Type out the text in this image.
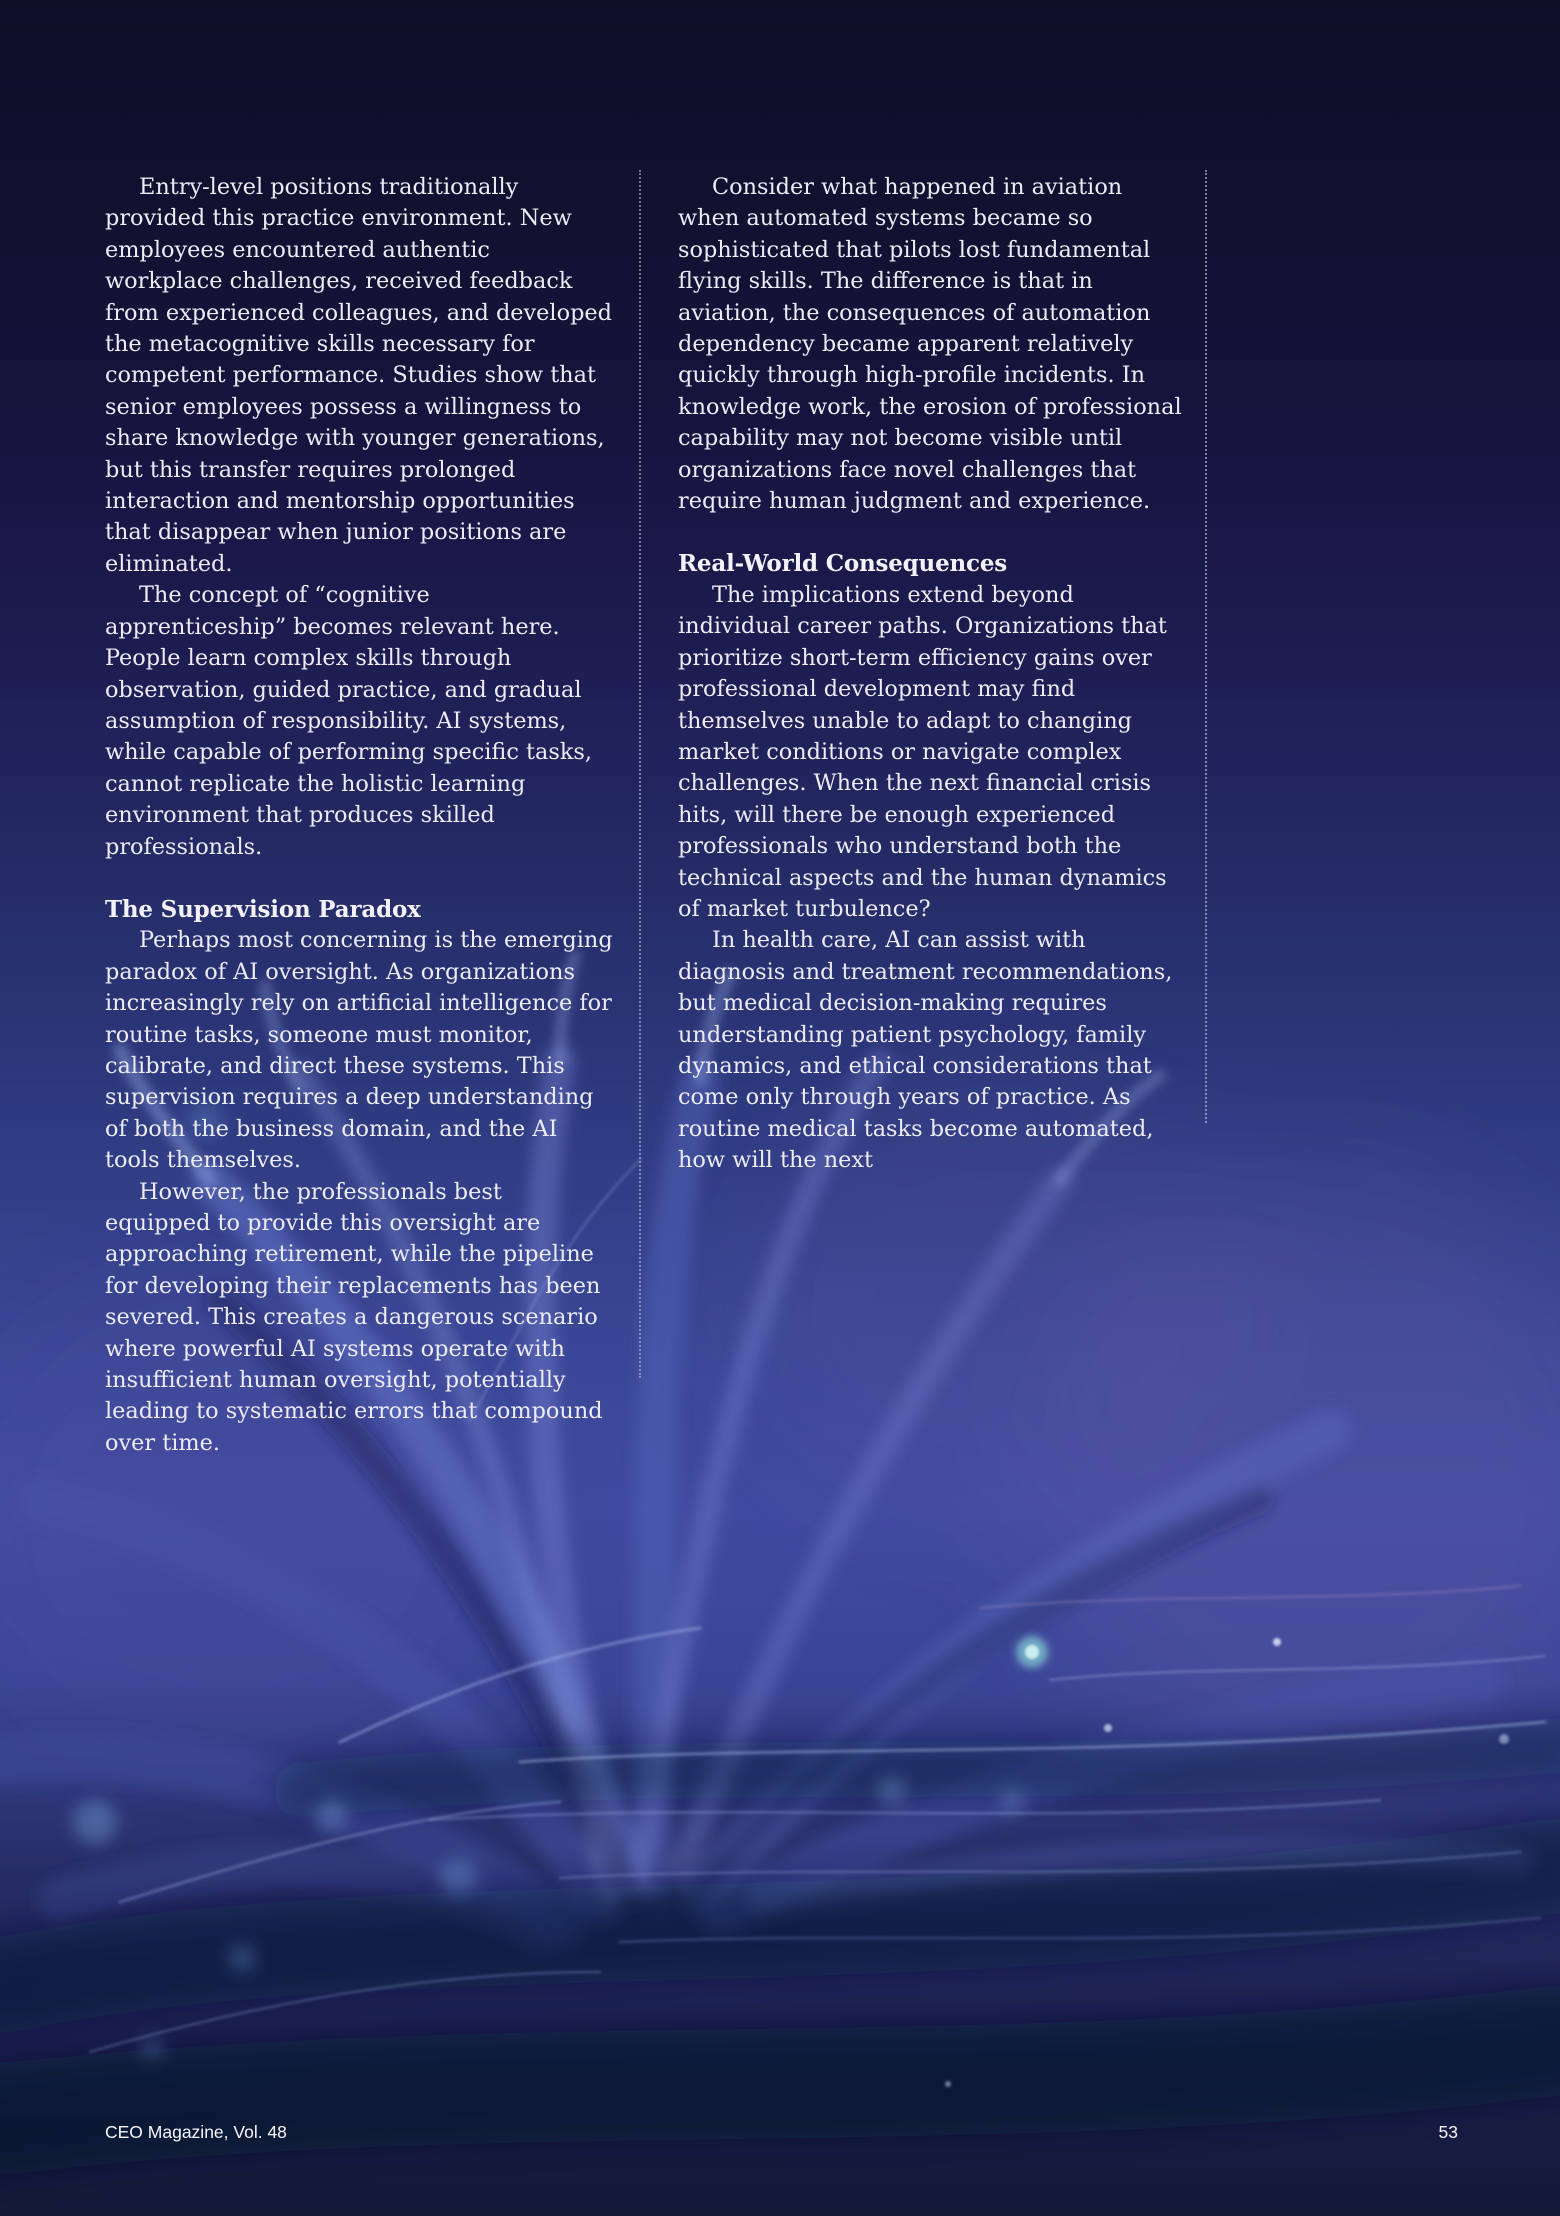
Entry-level positions traditionally provided this practice environment. New employees encountered authentic workplace challenges, received feedback from experienced colleagues, and developed the metacognitive skills necessary for competent performance. Studies show that senior employees possess a willingness to share knowledge with younger generations, but this transfer requires prolonged interaction and mentorship opportunities that disappear when junior positions are eliminated.

The concept of “cognitive apprenticeship” becomes relevant here. People learn complex skills through observation, guided practice, and gradual assumption of responsibility. AI systems, while capable of performing specific tasks, cannot replicate the holistic learning environment that produces skilled professionals.

The Supervision Paradox

Perhaps most concerning is the emerging paradox of AI oversight. As organizations increasingly rely on artificial intelligence for routine tasks, someone must monitor, calibrate, and direct these systems. This supervision requires a deep understanding of both the business domain, and the AI tools themselves.

However, the professionals best equipped to provide this oversight are approaching retirement, while the pipeline for developing their replacements has been severed. This creates a dangerous scenario where powerful AI systems operate with insufficient human oversight, potentially leading to systematic errors that compound over time.

Consider what happened in aviation when automated systems became so sophisticated that pilots lost fundamental flying skills. The difference is that in aviation, the consequences of automation dependency became apparent relatively quickly through high-profile incidents. In knowledge work, the erosion of professional capability may not become visible until organizations face novel challenges that require human judgment and experience.

Real-World Consequences

The implications extend beyond individual career paths. Organizations that prioritize short-term efficiency gains over professional development may find themselves unable to adapt to changing market conditions or navigate complex challenges. When the next financial crisis hits, will there be enough experienced professionals who understand both the technical aspects and the human dynamics of market turbulence?

In health care, AI can assist with diagnosis and treatment recommendations, but medical decision-making requires understanding patient psychology, family dynamics, and ethical considerations that come only through years of practice. As routine medical tasks become automated, how will the next

CEO Magazine, Vol. 48	53
